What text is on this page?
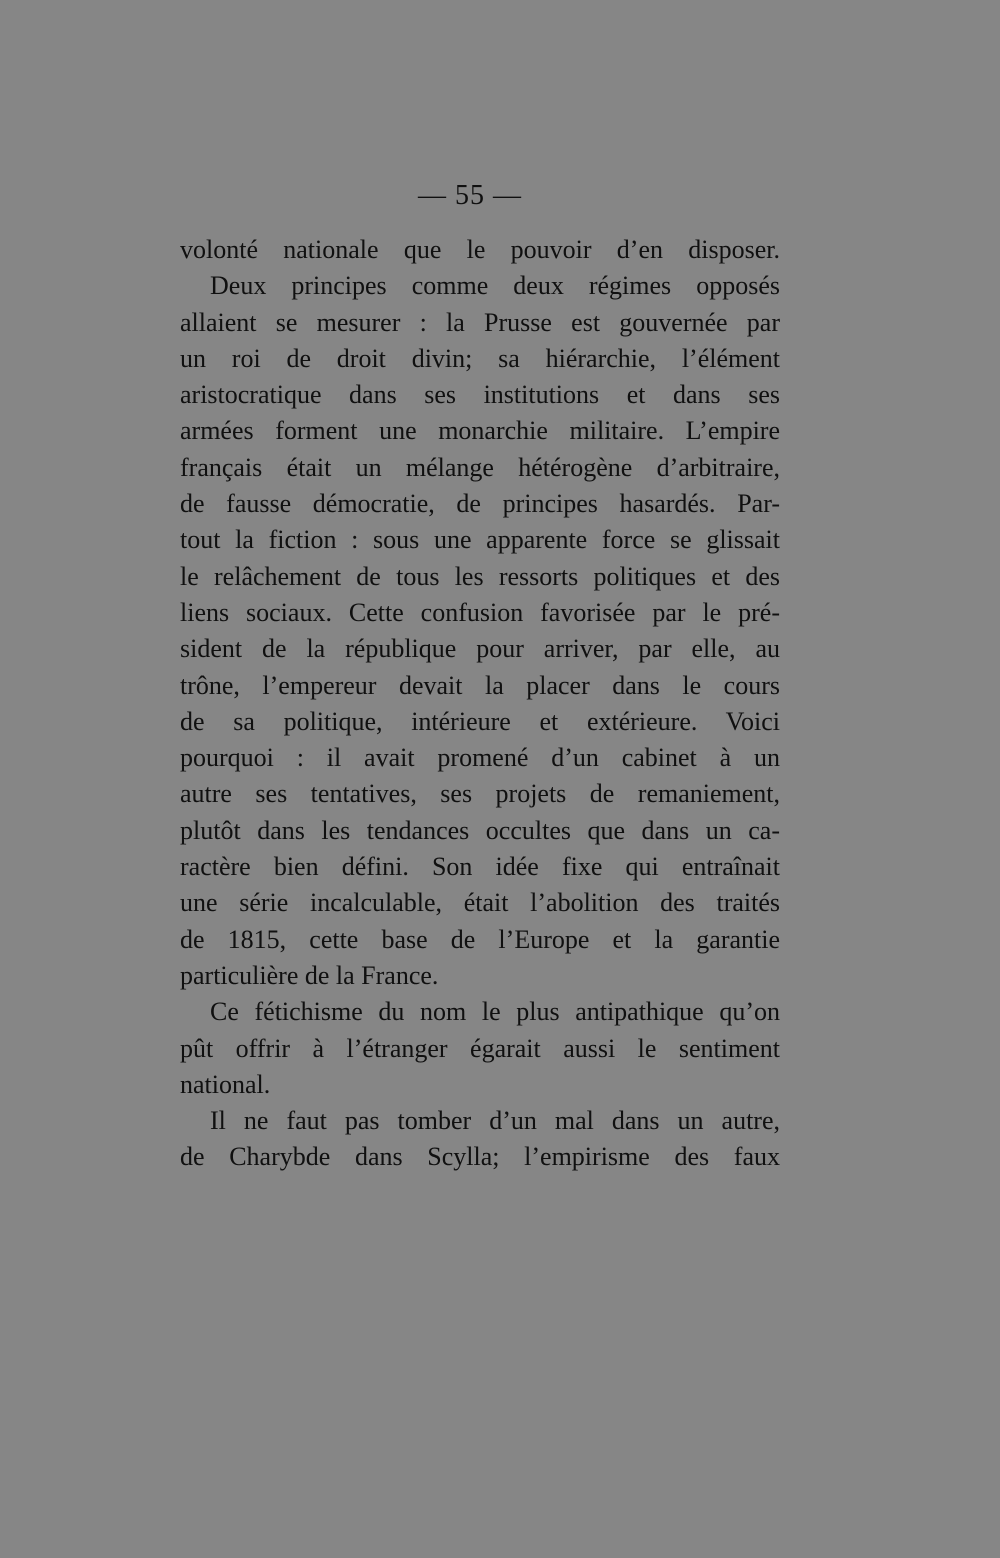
— 55 —
volonté nationale que le pouvoir d’en disposer.
Deux principes comme deux régimes opposés
allaient se mesurer : la Prusse est gouvernée par
un roi de droit divin; sa hiérarchie, l’élément
aristocratique dans ses institutions et dans ses
armées forment une monarchie militaire. L’empire
français était un mélange hétérogène d’arbitraire,
de fausse démocratie, de principes hasardés. Par-
tout la fiction : sous une apparente force se glissait
le relâchement de tous les ressorts politiques et des
liens sociaux. Cette confusion favorisée par le pré-
sident de la république pour arriver, par elle, au
trône, l’empereur devait la placer dans le cours
de sa politique, intérieure et extérieure. Voici
pourquoi : il avait promené d’un cabinet à un
autre ses tentatives, ses projets de remaniement,
plutôt dans les tendances occultes que dans un ca-
ractère bien défini. Son idée fixe qui entraînait
une série incalculable, était l’abolition des traités
de 1815, cette base de l’Europe et la garantie
particulière de la France.
Ce fétichisme du nom le plus antipathique qu’on
pût offrir à l’étranger égarait aussi le sentiment
national.
Il ne faut pas tomber d’un mal dans un autre,
de Charybde dans Scylla; l’empirisme des faux
